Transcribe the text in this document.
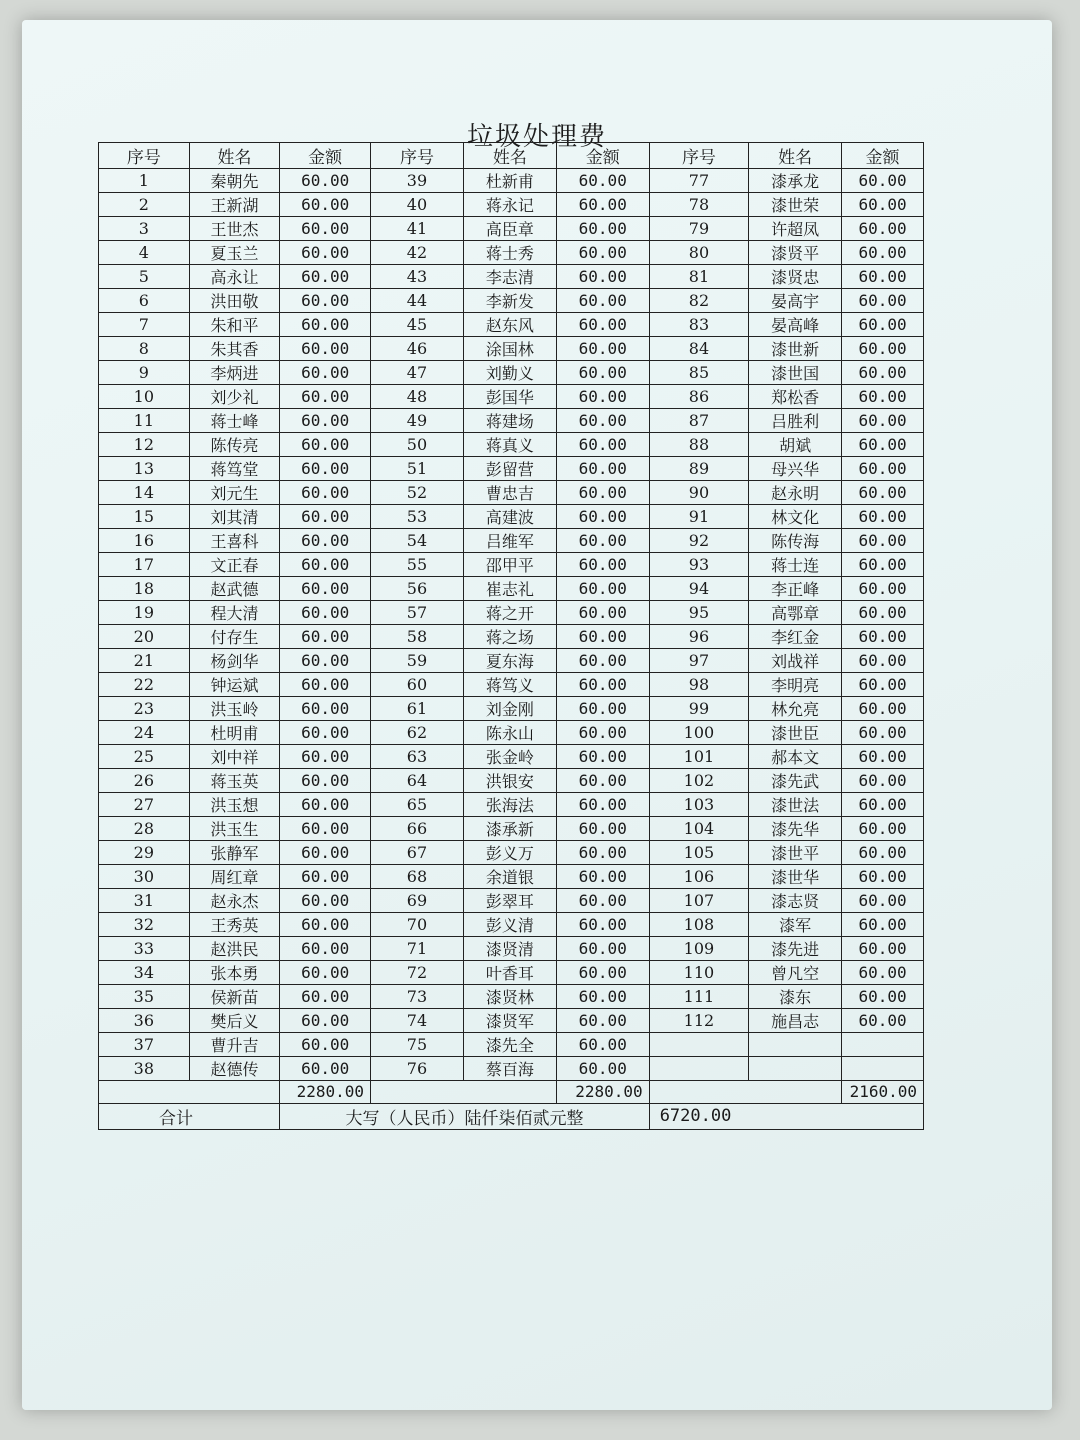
垃圾处理费
序号	姓名	金额	序号	姓名	金额	序号	姓名	金额
1	秦朝先	60.00	39	杜新甫	60.00	77	漆承龙	60.00
2	王新湖	60.00	40	蒋永记	60.00	78	漆世荣	60.00
3	王世杰	60.00	41	高臣章	60.00	79	许超凤	60.00
4	夏玉兰	60.00	42	蒋士秀	60.00	80	漆贤平	60.00
5	高永让	60.00	43	李志清	60.00	81	漆贤忠	60.00
6	洪田敬	60.00	44	李新发	60.00	82	晏高宇	60.00
7	朱和平	60.00	45	赵东风	60.00	83	晏高峰	60.00
8	朱其香	60.00	46	涂国林	60.00	84	漆世新	60.00
9	李炳进	60.00	47	刘勤义	60.00	85	漆世国	60.00
10	刘少礼	60.00	48	彭国华	60.00	86	郑松香	60.00
11	蒋士峰	60.00	49	蒋建场	60.00	87	吕胜利	60.00
12	陈传亮	60.00	50	蒋真义	60.00	88	胡斌	60.00
13	蒋笃堂	60.00	51	彭留营	60.00	89	母兴华	60.00
14	刘元生	60.00	52	曹忠吉	60.00	90	赵永明	60.00
15	刘其清	60.00	53	高建波	60.00	91	林文化	60.00
16	王喜科	60.00	54	吕维军	60.00	92	陈传海	60.00
17	文正春	60.00	55	邵甲平	60.00	93	蒋士连	60.00
18	赵武德	60.00	56	崔志礼	60.00	94	李正峰	60.00
19	程大清	60.00	57	蒋之开	60.00	95	高鄂章	60.00
20	付存生	60.00	58	蒋之场	60.00	96	李红金	60.00
21	杨剑华	60.00	59	夏东海	60.00	97	刘战祥	60.00
22	钟运斌	60.00	60	蒋笃义	60.00	98	李明亮	60.00
23	洪玉岭	60.00	61	刘金刚	60.00	99	林允亮	60.00
24	杜明甫	60.00	62	陈永山	60.00	100	漆世臣	60.00
25	刘中祥	60.00	63	张金岭	60.00	101	郝本文	60.00
26	蒋玉英	60.00	64	洪银安	60.00	102	漆先武	60.00
27	洪玉想	60.00	65	张海法	60.00	103	漆世法	60.00
28	洪玉生	60.00	66	漆承新	60.00	104	漆先华	60.00
29	张静军	60.00	67	彭义万	60.00	105	漆世平	60.00
30	周红章	60.00	68	余道银	60.00	106	漆世华	60.00
31	赵永杰	60.00	69	彭翠耳	60.00	107	漆志贤	60.00
32	王秀英	60.00	70	彭义清	60.00	108	漆军	60.00
33	赵洪民	60.00	71	漆贤清	60.00	109	漆先进	60.00
34	张本勇	60.00	72	叶香耳	60.00	110	曾凡空	60.00
35	侯新苗	60.00	73	漆贤林	60.00	111	漆东	60.00
36	樊后义	60.00	74	漆贤军	60.00	112	施昌志	60.00
37	曹升吉	60.00	75	漆先全	60.00			
38	赵德传	60.00	76	蔡百海	60.00			
		2280.00			2280.00			2160.00
合计		大写（人民币）陆仟柒佰贰元整				6720.00		
